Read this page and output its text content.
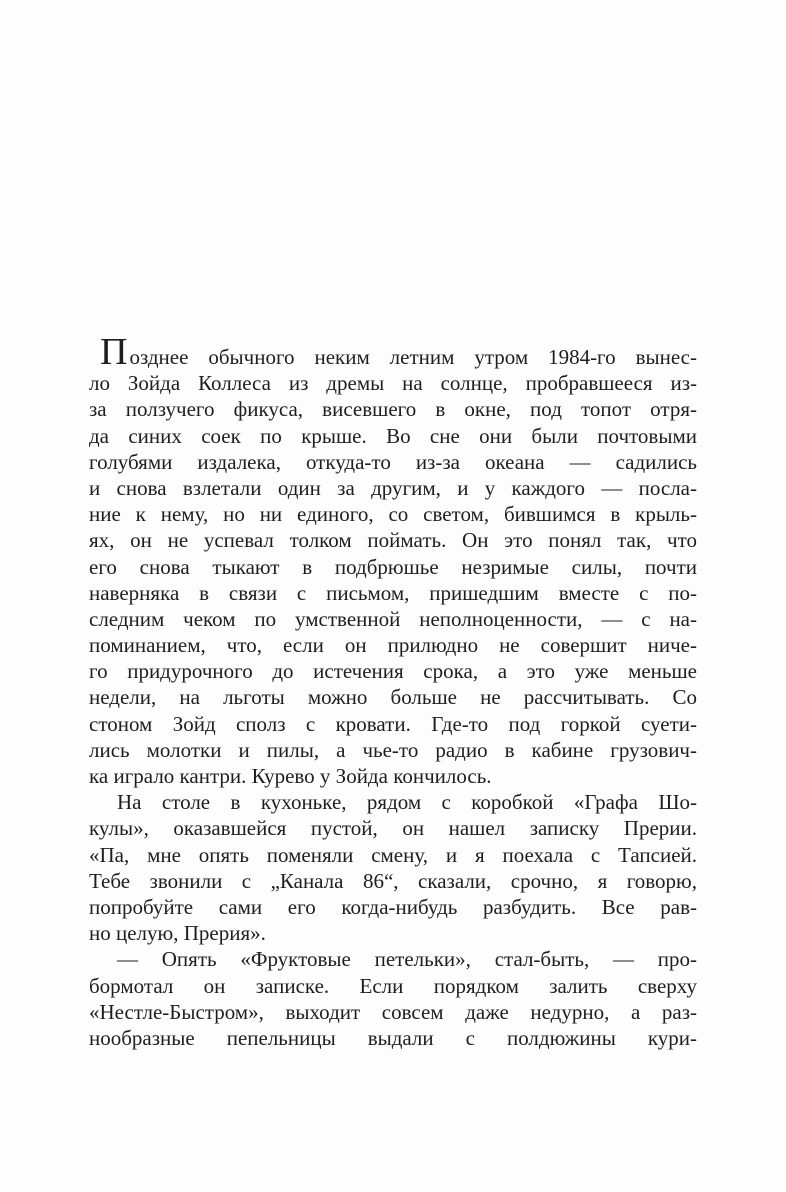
Позднее обычного неким летним утром 1984-го вынес-
ло Зойда Коллеса из дремы на солнце, пробравшееся из-
за ползучего фикуса, висевшего в окне, под топот отря-
да синих соек по крыше. Во сне они были почтовыми
голубями издалека, откуда-то из-за океана — садились
и снова взлетали один за другим, и у каждого — посла-
ние к нему, но ни единого, со светом, бившимся в крыль-
ях, он не успевал толком поймать. Он это понял так, что
его снова тыкают в подбрюшье незримые силы, почти
наверняка в связи с письмом, пришедшим вместе с по-
следним чеком по умственной неполноценности, — с на-
поминанием, что, если он прилюдно не совершит ниче-
го придурочного до истечения срока, а это уже меньше
недели, на льготы можно больше не рассчитывать. Со
стоном Зойд сполз с кровати. Где-то под горкой суети-
лись молотки и пилы, а чье-то радио в кабине грузович-
ка играло кантри. Курево у Зойда кончилось.
На столе в кухоньке, рядом с коробкой «Графа Шо-
кулы», оказавшейся пустой, он нашел записку Прерии.
«Па, мне опять поменяли смену, и я поехала с Тапсией.
Тебе звонили с „Канала 86“, сказали, срочно, я говорю,
попробуйте сами его когда-нибудь разбудить. Все рав-
но целую, Прерия».
— Опять «Фруктовые петельки», стал-быть, — про-
бормотал он записке. Если порядком залить сверху
«Нестле-Быстром», выходит совсем даже недурно, а раз-
нообразные пепельницы выдали с полдюжины кури-
